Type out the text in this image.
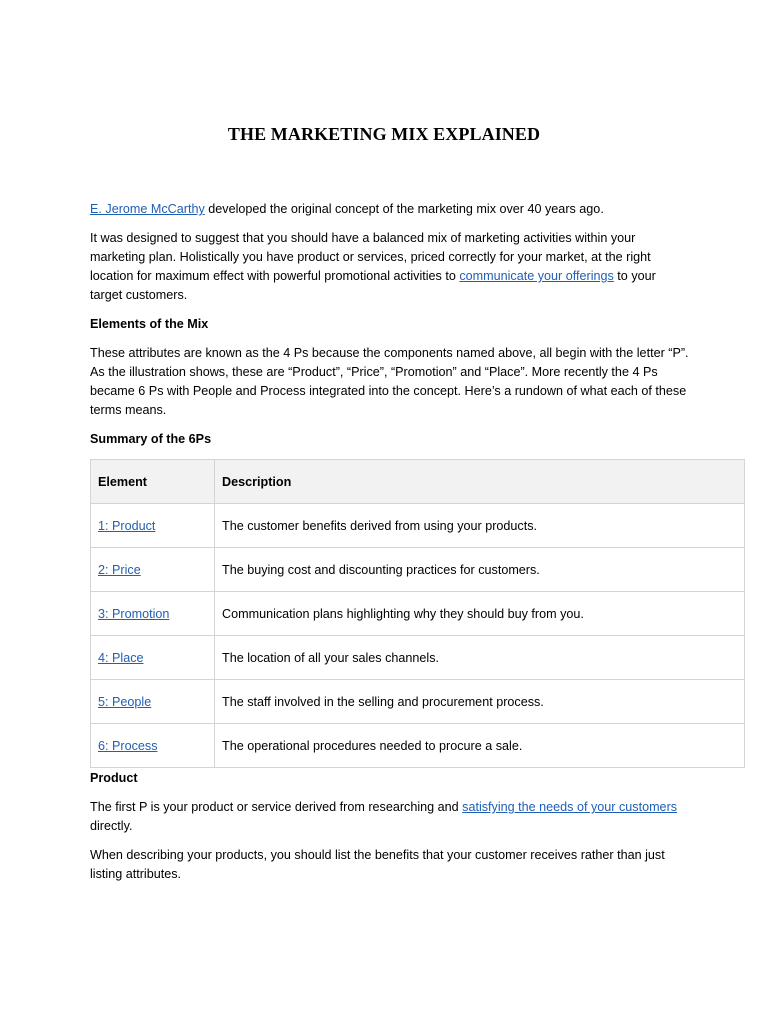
THE MARKETING MIX EXPLAINED

E. Jerome McCarthy developed the original concept of the marketing mix over 40 years ago.

It was designed to suggest that you should have a balanced mix of marketing activities within your marketing plan. Holistically you have product or services, priced correctly for your market, at the right location for maximum effect with powerful promotional activities to communicate your offerings to your target customers.

Elements of the Mix

These attributes are known as the 4 Ps because the components named above, all begin with the letter “P”. As the illustration shows, these are “Product”, “Price”, “Promotion” and “Place”. More recently the 4 Ps became 6 Ps with People and Process integrated into the concept. Here’s a rundown of what each of these terms means.

Summary of the 6Ps

Element	Description
1: Product	The customer benefits derived from using your products.
2: Price	The buying cost and discounting practices for customers.
3: Promotion	Communication plans highlighting why they should buy from you.
4: Place	The location of all your sales channels.
5: People	The staff involved in the selling and procurement process.
6: Process	The operational procedures needed to procure a sale.

Product

The first P is your product or service derived from researching and satisfying the needs of your customers directly.

When describing your products, you should list the benefits that your customer receives rather than just listing attributes.
